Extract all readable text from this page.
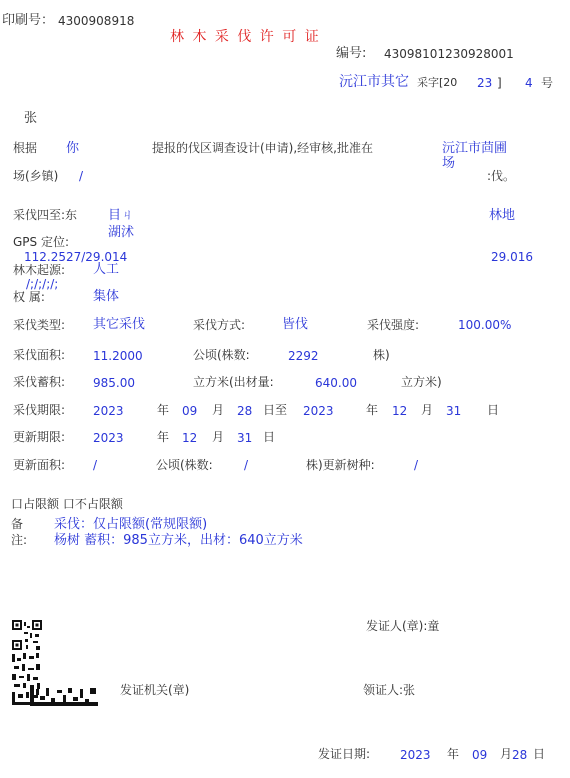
印刷号： 4300908918
林 木 采 伐 许 可 证
编号: 43098101230928001
沅江市其它 采字[20 23 ] 4 号
张
根据 你	提报的伐区调查设计(申请),经审核,批准在	沅江市茴圃
场
场(乡镇) /	:伐。
采伐四至:东 目ㄐ
湖沭
林地
GPS 定位:
112.2527/29.014	29.016
林木起源: 人工
/;/;/;/;
权 属:	集体
采伐类型: 其它采伐	采伐方式:	皆伐	采伐强度:	100.00%
采伐面积: 11.2000	公顷(株数:	2292	株)
采伐蓄积: 985.00	立方米(出材量:	640.00	立方米)
采伐期限: 2023	年 09 月 28 日至 2023	年 12 月 31 日
更新期限: 2023	年 12 月 31 日
更新面积: /	公顷(株数:	/	株)更新树种:	/
口占限额 口不占限额
备
注:
采伐：仅占限额(常规限额)
杨树 蓄积：985立方米，出材：640立方米
发证人(章):童
发证机关(章)	领证人:张
发证日期: 2023 年 09 月 28 日
